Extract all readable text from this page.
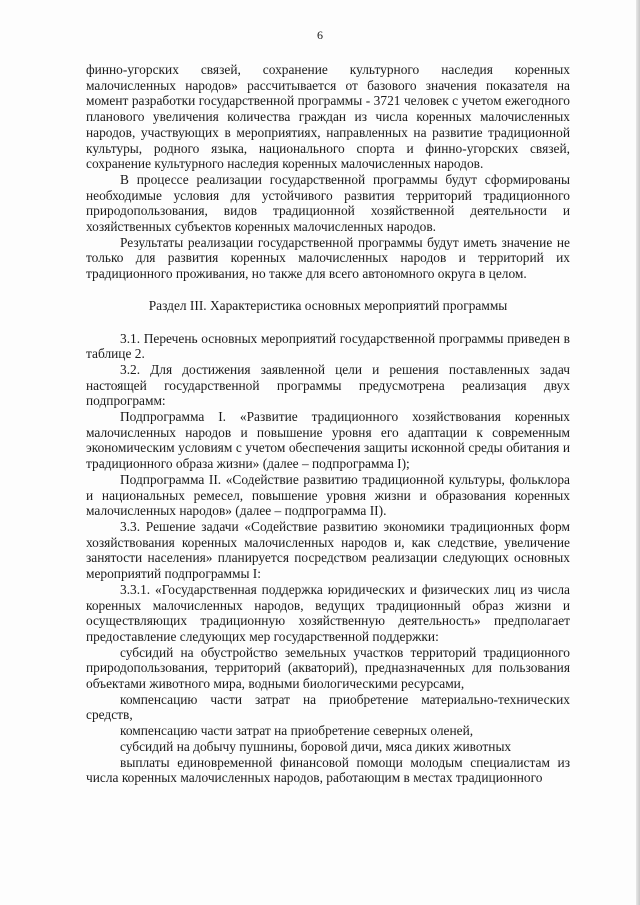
6

финно-угорских связей, сохранение культурного наследия коренных малочисленных народов» рассчитывается от базового значения показателя на момент разработки государственной программы - 3721 человек с учетом ежегодного планового увеличения количества граждан из числа коренных малочисленных народов, участвующих в мероприятиях, направленных на развитие традиционной культуры, родного языка, национального спорта и финно-угорских связей, сохранение культурного наследия коренных малочисленных народов.

В процессе реализации государственной программы будут сформированы необходимые условия для устойчивого развития территорий традиционного природопользования, видов традиционной хозяйственной деятельности и хозяйственных субъектов коренных малочисленных народов.

Результаты реализации государственной программы будут иметь значение не только для развития коренных малочисленных народов и территорий их традиционного проживания, но также для всего автономного округа в целом.

Раздел III. Характеристика основных мероприятий программы

3.1. Перечень основных мероприятий государственной программы приведен в таблице 2.

3.2. Для достижения заявленной цели и решения поставленных задач настоящей государственной программы предусмотрена реализация двух подпрограмм:

Подпрограмма I. «Развитие традиционного хозяйствования коренных малочисленных народов и повышение уровня его адаптации к современным экономическим условиям с учетом обеспечения защиты исконной среды обитания и традиционного образа жизни» (далее – подпрограмма I);

Подпрограмма II. «Содействие развитию традиционной культуры, фольклора и национальных ремесел, повышение уровня жизни и образования коренных малочисленных народов» (далее – подпрограмма II).

3.3. Решение задачи «Содействие развитию экономики традиционных форм хозяйствования коренных малочисленных народов и, как следствие, увеличение занятости населения» планируется посредством реализации следующих основных мероприятий подпрограммы I:

3.3.1. «Государственная поддержка юридических и физических лиц из числа коренных малочисленных народов, ведущих традиционный образ жизни и осуществляющих традиционную хозяйственную деятельность» предполагает предоставление следующих мер государственной поддержки:

субсидий на обустройство земельных участков территорий традиционного природопользования, территорий (акваторий), предназначенных для пользования объектами животного мира, водными биологическими ресурсами,

компенсацию части затрат на приобретение материально-технических средств,

компенсацию части затрат на приобретение северных оленей,

субсидий на добычу пушнины, боровой дичи, мяса диких животных

выплаты единовременной финансовой помощи молодым специалистам из числа коренных малочисленных народов, работающим в местах традиционного
